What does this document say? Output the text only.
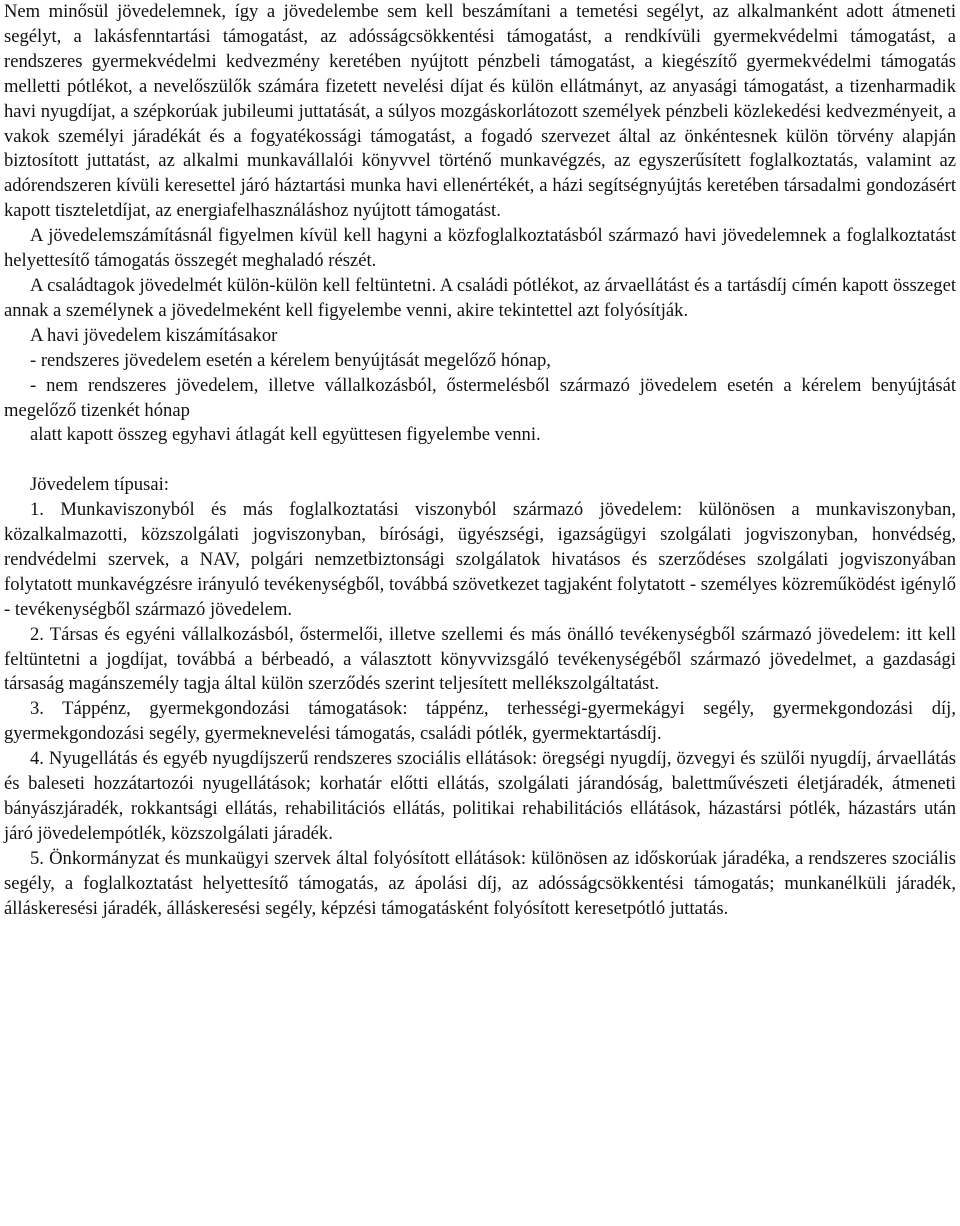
Nem minősül jövedelemnek, így a jövedelembe sem kell beszámítani a temetési segélyt, az alkalmanként adott átmeneti segélyt, a lakásfenntartási támogatást, az adósságcsökkentési támogatást, a rendkívüli gyermekvédelmi támogatást, a rendszeres gyermekvédelmi kedvezmény keretében nyújtott pénzbeli támogatást, a kiegészítő gyermekvédelmi támogatás melletti pótlékot, a nevelőszülők számára fizetett nevelési díjat és külön ellátmányt, az anyasági támogatást, a tizenharmadik havi nyugdíjat, a szépkorúak jubileumi juttatását, a súlyos mozgáskorlátozott személyek pénzbeli közlekedési kedvezményeit, a vakok személyi járadékát és a fogyatékossági támogatást, a fogadó szervezet által az önkéntesnek külön törvény alapján biztosított juttatást, az alkalmi munkavállalói könyvvel történő munkavégzés, az egyszerűsített foglalkoztatás, valamint az adórendszeren kívüli keresettel járó háztartási munka havi ellenértékét, a házi segítségnyújtás keretében társadalmi gondozásért kapott tiszteletdíjat, az energiafelhasználáshoz nyújtott támogatást.

A jövedelemszámításnál figyelmen kívül kell hagyni a közfoglalkoztatásból származó havi jövedelemnek a foglalkoztatást helyettesítő támogatás összegét meghaladó részét.

A családtagok jövedelmét külön-külön kell feltüntetni. A családi pótlékot, az árvaellátást és a tartásdíj címén kapott összeget annak a személynek a jövedelmeként kell figyelembe venni, akire tekintettel azt folyósítják.

A havi jövedelem kiszámításakor

- rendszeres jövedelem esetén a kérelem benyújtását megelőző hónap,

- nem rendszeres jövedelem, illetve vállalkozásból, őstermelésből származó jövedelem esetén a kérelem benyújtását megelőző tizenkét hónap

alatt kapott összeg egyhavi átlagát kell együttesen figyelembe venni.

Jövedelem típusai:

1. Munkaviszonyból és más foglalkoztatási viszonyból származó jövedelem: különösen a munkaviszonyban, közalkalmazotti, közszolgálati jogviszonyban, bírósági, ügyészségi, igazságügyi szolgálati jogviszonyban, honvédség, rendvédelmi szervek, a NAV, polgári nemzetbiztonsági szolgálatok hivatásos és szerződéses szolgálati jogviszonyában folytatott munkavégzésre irányuló tevékenységből, továbbá szövetkezet tagjaként folytatott - személyes közreműködést igénylő - tevékenységből származó jövedelem.

2. Társas és egyéni vállalkozásból, őstermelői, illetve szellemi és más önálló tevékenységből származó jövedelem: itt kell feltüntetni a jogdíjat, továbbá a bérbeadó, a választott könyvvizsgáló tevékenységéből származó jövedelmet, a gazdasági társaság magánszemély tagja által külön szerződés szerint teljesített mellékszolgáltatást.

3. Táppénz, gyermekgondozási támogatások: táppénz, terhességi-gyermekágyi segély, gyermekgondozási díj, gyermekgondozási segély, gyermeknevelési támogatás, családi pótlék, gyermektartásdíj.

4. Nyugellátás és egyéb nyugdíjszerű rendszeres szociális ellátások: öregségi nyugdíj, özvegyi és szülői nyugdíj, árvaellátás és baleseti hozzátartozói nyugellátások; korhatár előtti ellátás, szolgálati járandóság, balettművészeti életjáradék, átmeneti bányászjáradék, rokkantsági ellátás, rehabilitációs ellátás, politikai rehabilitációs ellátások, házastársi pótlék, házastárs után járó jövedelempótlék, közszolgálati járadék.

5. Önkormányzat és munkaügyi szervek által folyósított ellátások: különösen az időskorúak járadéka, a rendszeres szociális segély, a foglalkoztatást helyettesítő támogatás, az ápolási díj, az adósságcsökkentési támogatás; munkanélküli járadék, álláskeresési járadék, álláskeresési segély, képzési támogatásként folyósított keresetpótló juttatás.
